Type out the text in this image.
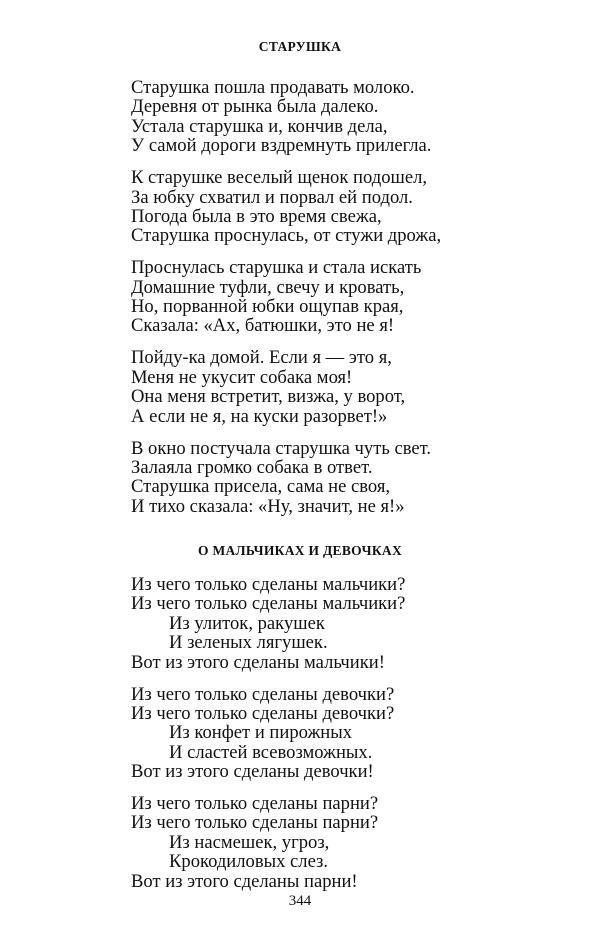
СТАРУШКА
Старушка пошла продавать молоко.
Деревня от рынка была далеко.
Устала старушка и, кончив дела,
У самой дороги вздремнуть прилегла.
К старушке веселый щенок подошел,
За юбку схватил и порвал ей подол.
Погода была в это время свежа,
Старушка проснулась, от стужи дрожа,
Проснулась старушка и стала искать
Домашние туфли, свечу и кровать,
Но, порванной юбки ощупав края,
Сказала: «Ах, батюшки, это не я!
Пойду-ка домой. Если я — это я,
Меня не укусит собака моя!
Она меня встретит, визжа, у ворот,
А если не я, на куски разорвет!»
В окно постучала старушка чуть свет.
Залаяла громко собака в ответ.
Старушка присела, сама не своя,
И тихо сказала: «Ну, значит, не я!»
О МАЛЬЧИКАХ И ДЕВОЧКАХ
Из чего только сделаны мальчики?
Из чего только сделаны мальчики?
Из улиток, ракушек
И зеленых лягушек.
Вот из этого сделаны мальчики!
Из чего только сделаны девочки?
Из чего только сделаны девочки?
Из конфет и пирожных
И сластей всевозможных.
Вот из этого сделаны девочки!
Из чего только сделаны парни?
Из чего только сделаны парни?
Из насмешек, угроз,
Крокодиловых слез.
Вот из этого сделаны парни!
344
